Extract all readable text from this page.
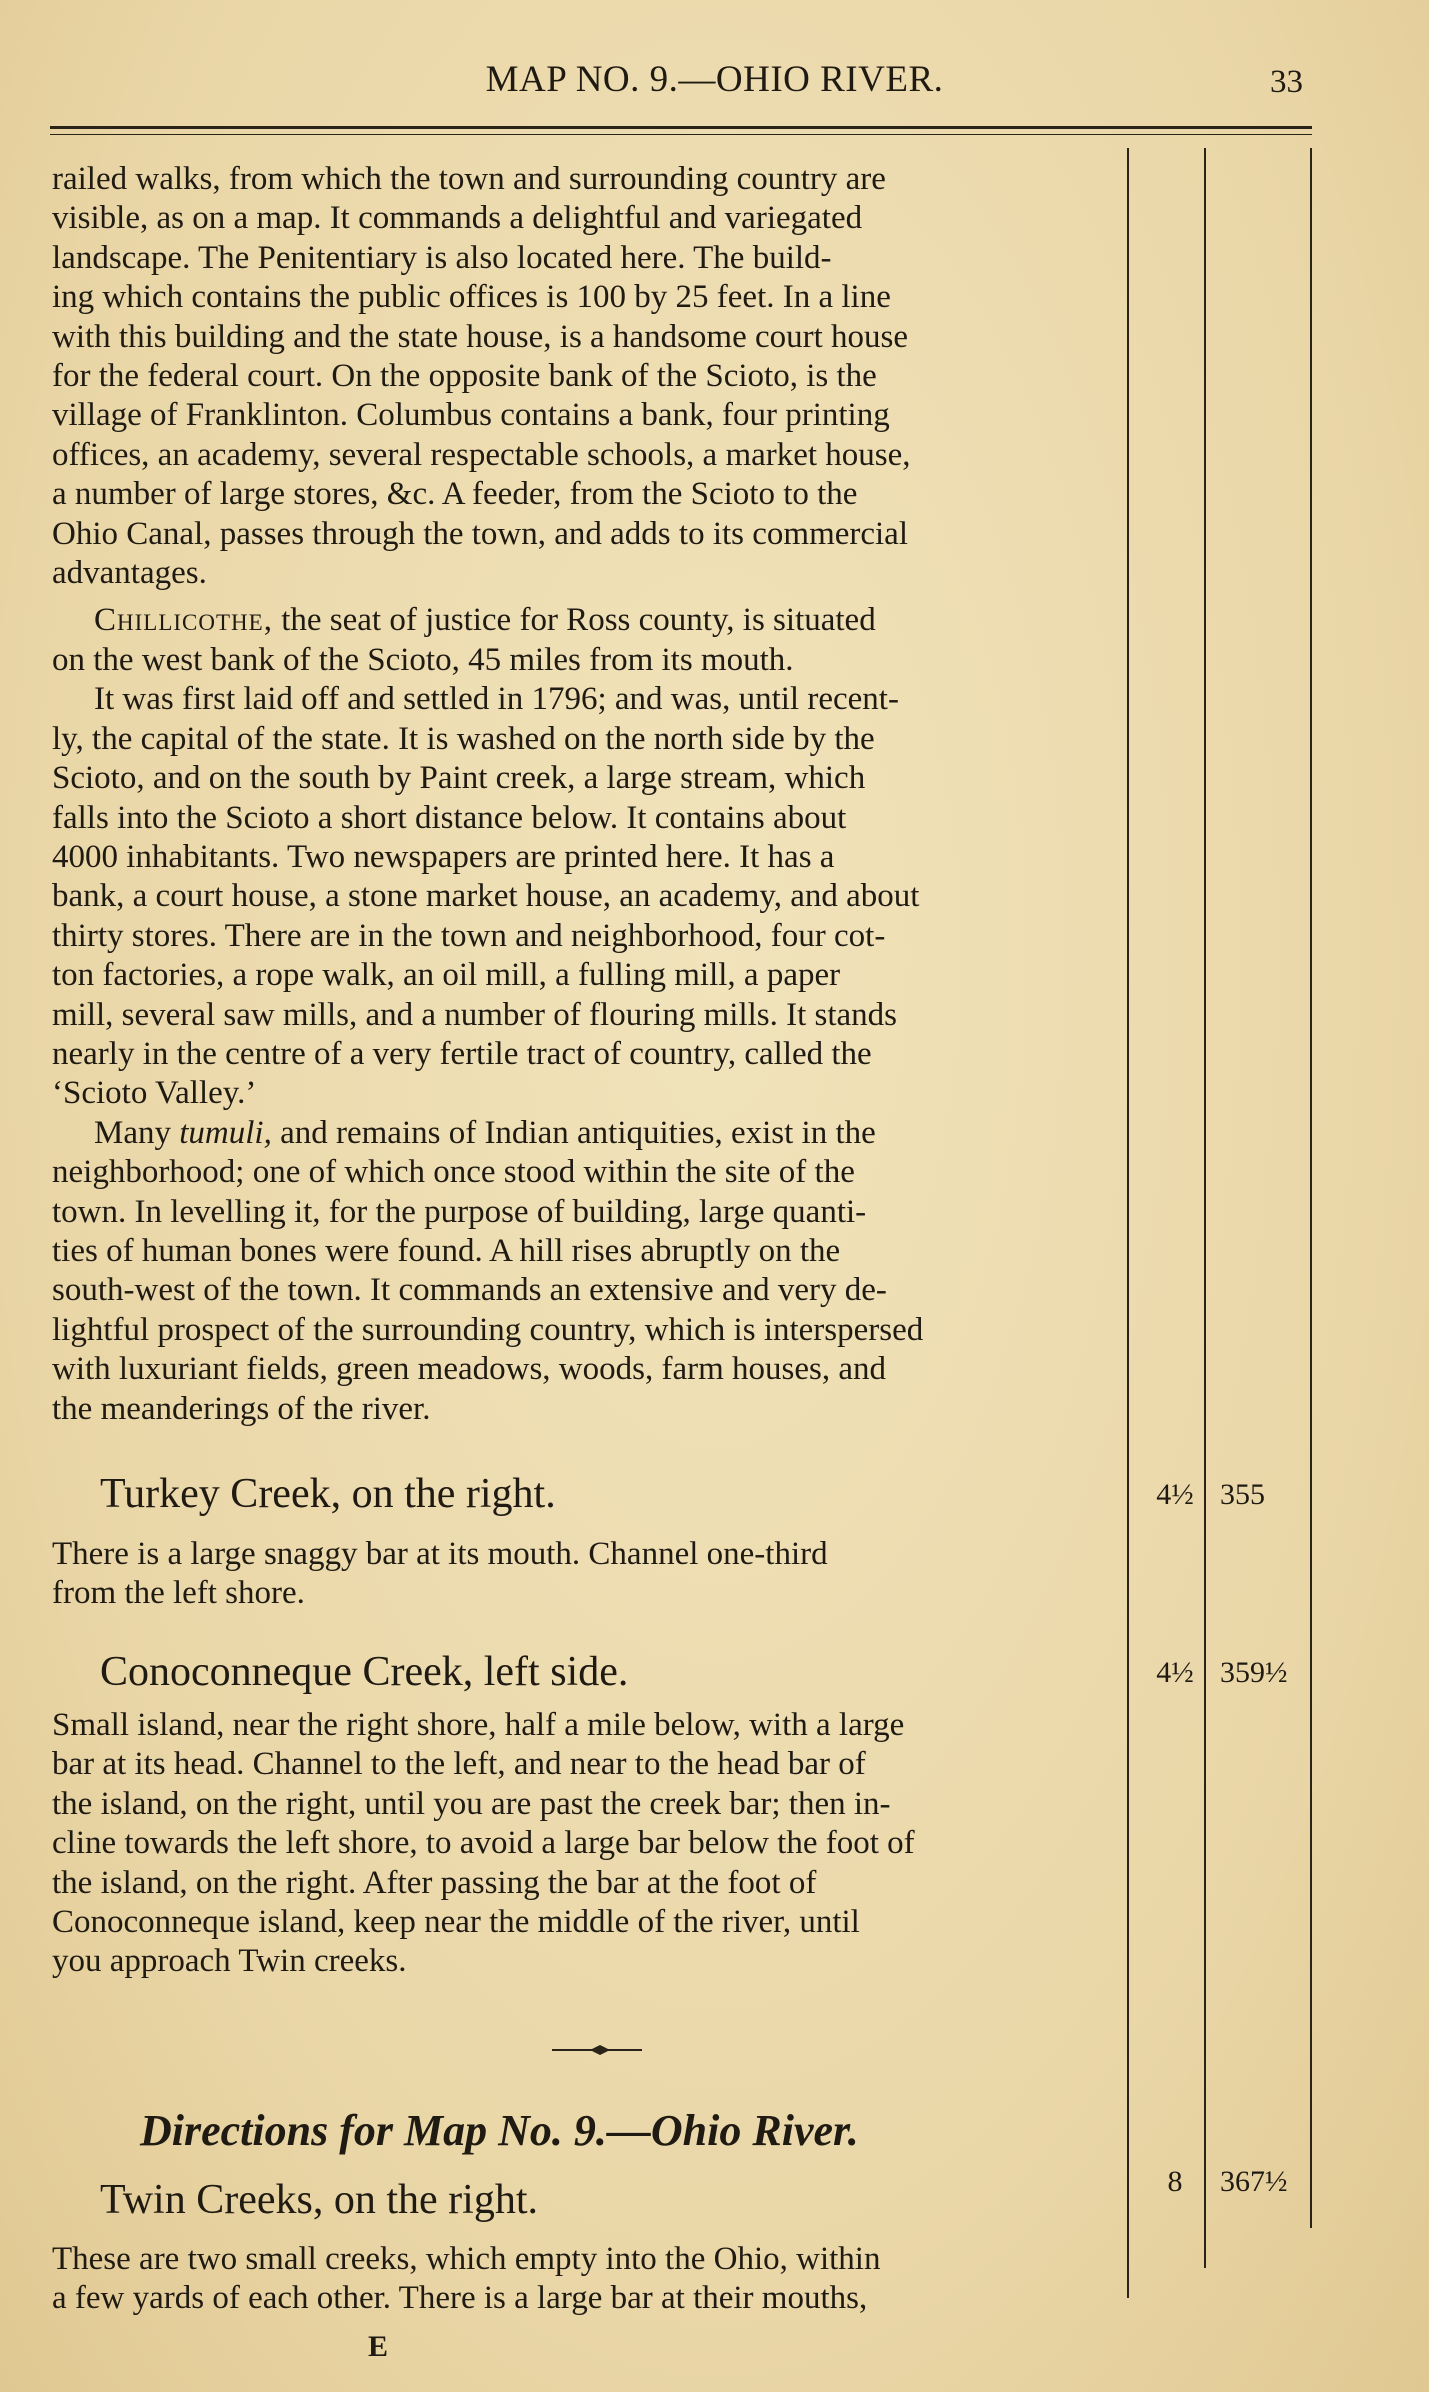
MAP NO. 9.—OHIO RIVER.	33

railed walks, from which the town and surrounding country are
visible, as on a map. It commands a delightful and variegated
landscape. The Penitentiary is also located here. The build-
ing which contains the public offices is 100 by 25 feet. In a line
with this building and the state house, is a handsome court house
for the federal court. On the opposite bank of the Scioto, is the
village of Franklinton. Columbus contains a bank, four printing
offices, an academy, several respectable schools, a market house,
a number of large stores, &c. A feeder, from the Scioto to the
Ohio Canal, passes through the town, and adds to its commercial
advantages.

Chillicothe, the seat of justice for Ross county, is situated
on the west bank of the Scioto, 45 miles from its mouth.

It was first laid off and settled in 1796; and was, until recent-
ly, the capital of the state. It is washed on the north side by the
Scioto, and on the south by Paint creek, a large stream, which
falls into the Scioto a short distance below. It contains about
4000 inhabitants. Two newspapers are printed here. It has a
bank, a court house, a stone market house, an academy, and about
thirty stores. There are in the town and neighborhood, four cot-
ton factories, a rope walk, an oil mill, a fulling mill, a paper
mill, several saw mills, and a number of flouring mills. It stands
nearly in the centre of a very fertile tract of country, called the
‘Scioto Valley.’

Many tumuli, and remains of Indian antiquities, exist in the
neighborhood; one of which once stood within the site of the
town. In levelling it, for the purpose of building, large quanti-
ties of human bones were found. A hill rises abruptly on the
south-west of the town. It commands an extensive and very de-
lightful prospect of the surrounding country, which is interspersed
with luxuriant fields, green meadows, woods, farm houses, and
the meanderings of the river.

Turkey Creek, on the right.	4½ 355
There is a large snaggy bar at its mouth. Channel one-third
from the left shore.
Conoconneque Creek, left side.	4½ 359½
Small island, near the right shore, half a mile below, with a large
bar at its head. Channel to the left, and near to the head bar of
the island, on the right, until you are past the creek bar; then in-
cline towards the left shore, to avoid a large bar below the foot of
the island, on the right. After passing the bar at the foot of
Conoconneque island, keep near the middle of the river, until
you approach Twin creeks.
Directions for Map No. 9.—Ohio River.
Twin Creeks, on the right.	8	367½
These are two small creeks, which empty into the Ohio, within
a few yards of each other. There is a large bar at their mouths,
E
